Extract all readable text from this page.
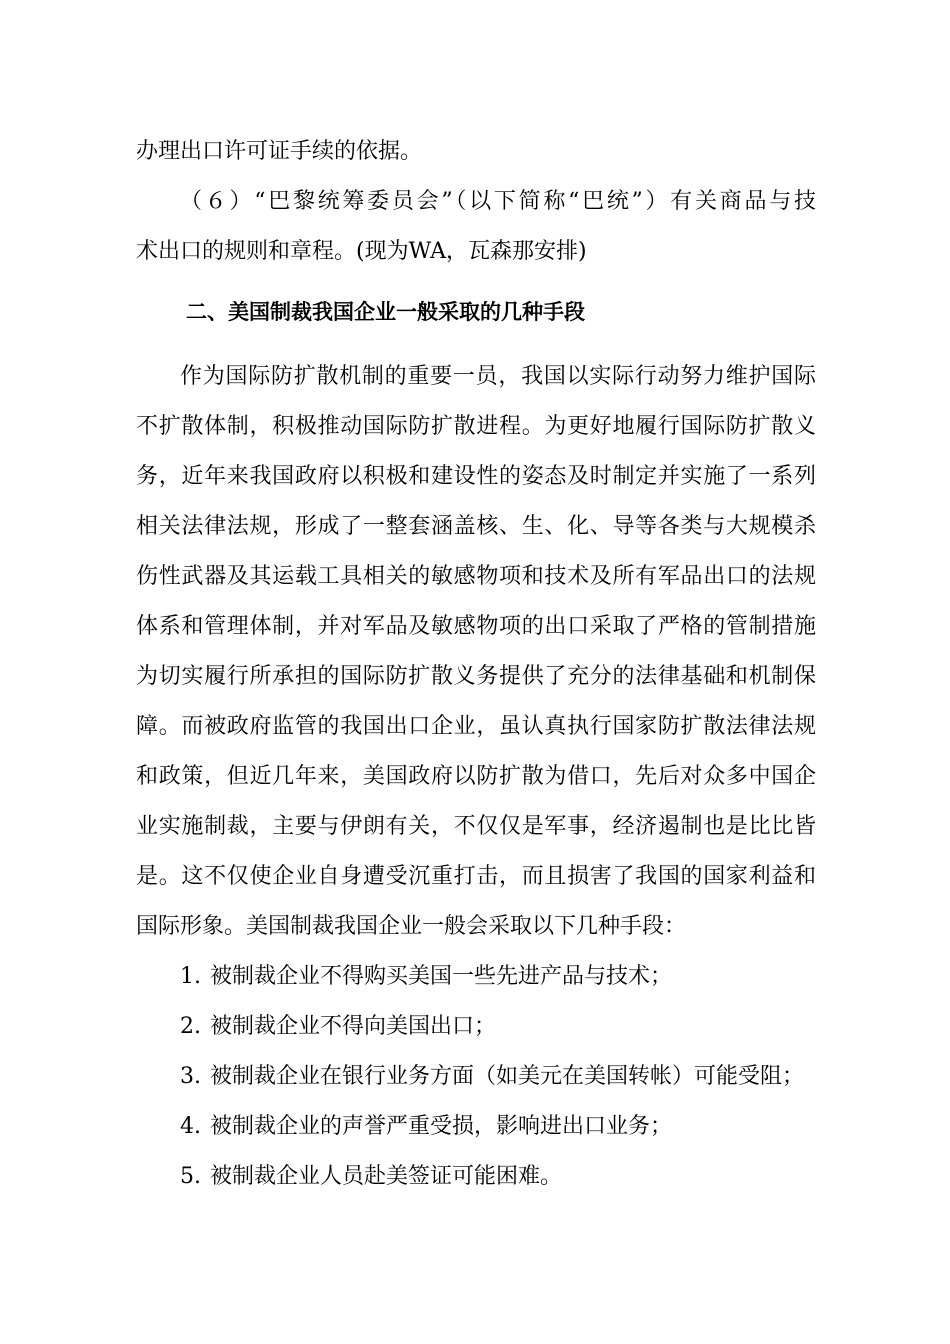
办理出口许可证手续的依据。
（６）“巴黎统筹委员会”（以下简称“巴统”）有关商品与技
术出口的规则和章程。(现为WA，瓦森那安排)
二、美国制裁我国企业一般采取的几种手段
作为国际防扩散机制的重要一员，我国以实际行动努力维护国际
不扩散体制，积极推动国际防扩散进程。为更好地履行国际防扩散义
务，近年来我国政府以积极和建设性的姿态及时制定并实施了一系列
相关法律法规，形成了一整套涵盖核、生、化、导等各类与大规模杀
伤性武器及其运载工具相关的敏感物项和技术及所有军品出口的法规
体系和管理体制，并对军品及敏感物项的出口采取了严格的管制措施
为切实履行所承担的国际防扩散义务提供了充分的法律基础和机制保
障。而被政府监管的我国出口企业，虽认真执行国家防扩散法律法规
和政策，但近几年来，美国政府以防扩散为借口，先后对众多中国企
业实施制裁，主要与伊朗有关，不仅仅是军事，经济遏制也是比比皆
是。这不仅使企业自身遭受沉重打击，而且损害了我国的国家利益和
国际形象。美国制裁我国企业一般会采取以下几种手段：
1. 被制裁企业不得购买美国一些先进产品与技术；
2. 被制裁企业不得向美国出口；
3. 被制裁企业在银行业务方面（如美元在美国转帐）可能受阻；
4. 被制裁企业的声誉严重受损，影响进出口业务；
5. 被制裁企业人员赴美签证可能困难。
